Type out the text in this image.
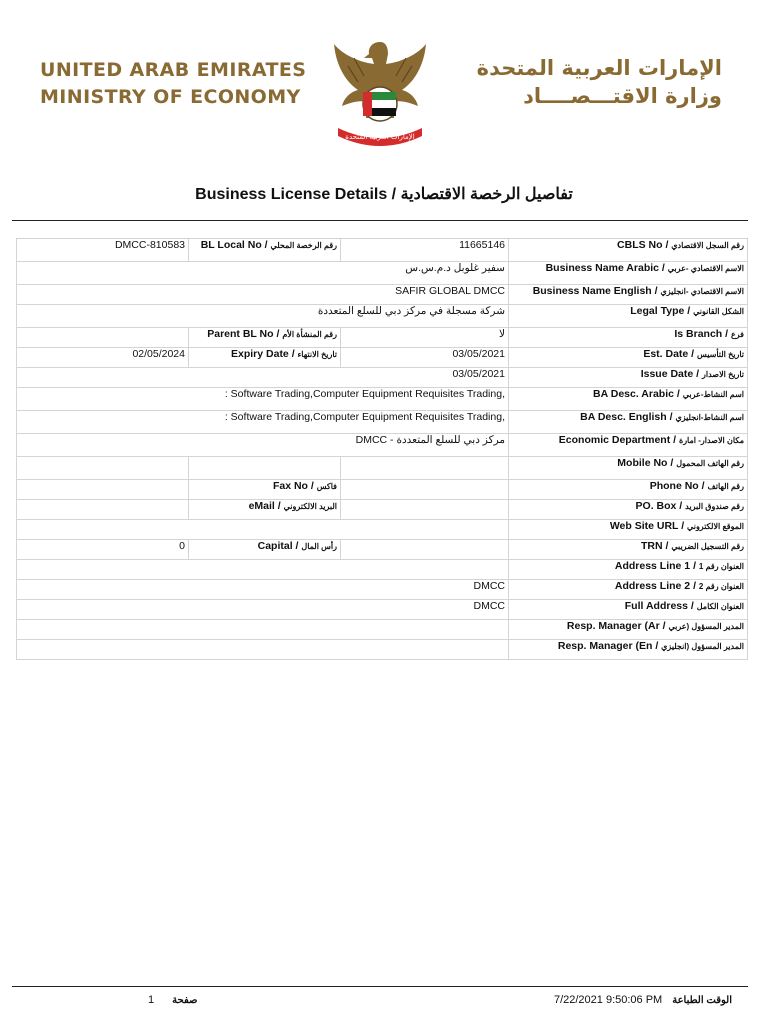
UNITED ARAB EMIRATES
MINISTRY OF ECONOMY
الإمارات العربية المتحدة
الإمارات العربية المتحدة
وزارة الاقتـــصــــاد
Business License Details / تفاصيل الرخصة الاقتصادية
DMCC-810583	BL Local No / رقم الرخصة المحلي	11665146	CBLS No / رقم السجل الاقتصادي
سفير غلوبل د.م.س.س			Business Name Arabic / الاسم الاقتصادي -عربي
SAFIR GLOBAL DMCC			Business Name English / الاسم الاقتصادي -انجليزي
شركة مسجلة في مركز دبي للسلع المتعددة			Legal Type / الشكل القانوني
	Parent BL No / رقم المنشأة الأم	لا	Is Branch / فرع
02/05/2024	Expiry Date / تاريخ الانتهاء	03/05/2021	Est. Date / تاريخ التأسيس
03/05/2021			Issue Date / تاريخ الاصدار
: Software Trading,Computer Equipment Requisites Trading,			BA Desc. Arabic / اسم النشاط-عربي
: Software Trading,Computer Equipment Requisites Trading,			BA Desc. English / اسم النشاط-انجليزي
DMCC - مركز دبي للسلع المتعددة			Economic Department / مكان الاصدار- امارة
			Mobile No / رقم الهاتف المحمول
	Fax No / فاكس		Phone No / رقم الهاتف
	eMail / البريد الالكتروني		PO. Box / رقم صندوق البريد
			Web Site URL / الموقع الالكتروني
0	Capital / رأس المال		TRN / رقم التسجيل الضريبي
			Address Line 1 / العنوان رقم 1
DMCC			Address Line 2 / العنوان رقم 2
DMCC			Full Address / العنوان الكامل
			Resp. Manager (Ar / المدير المسؤول (عربي
			Resp. Manager (En / المدير المسؤول (انجليزي
1 صفحة	7/22/2021 9:50:06 PM الوقت الطباعة
